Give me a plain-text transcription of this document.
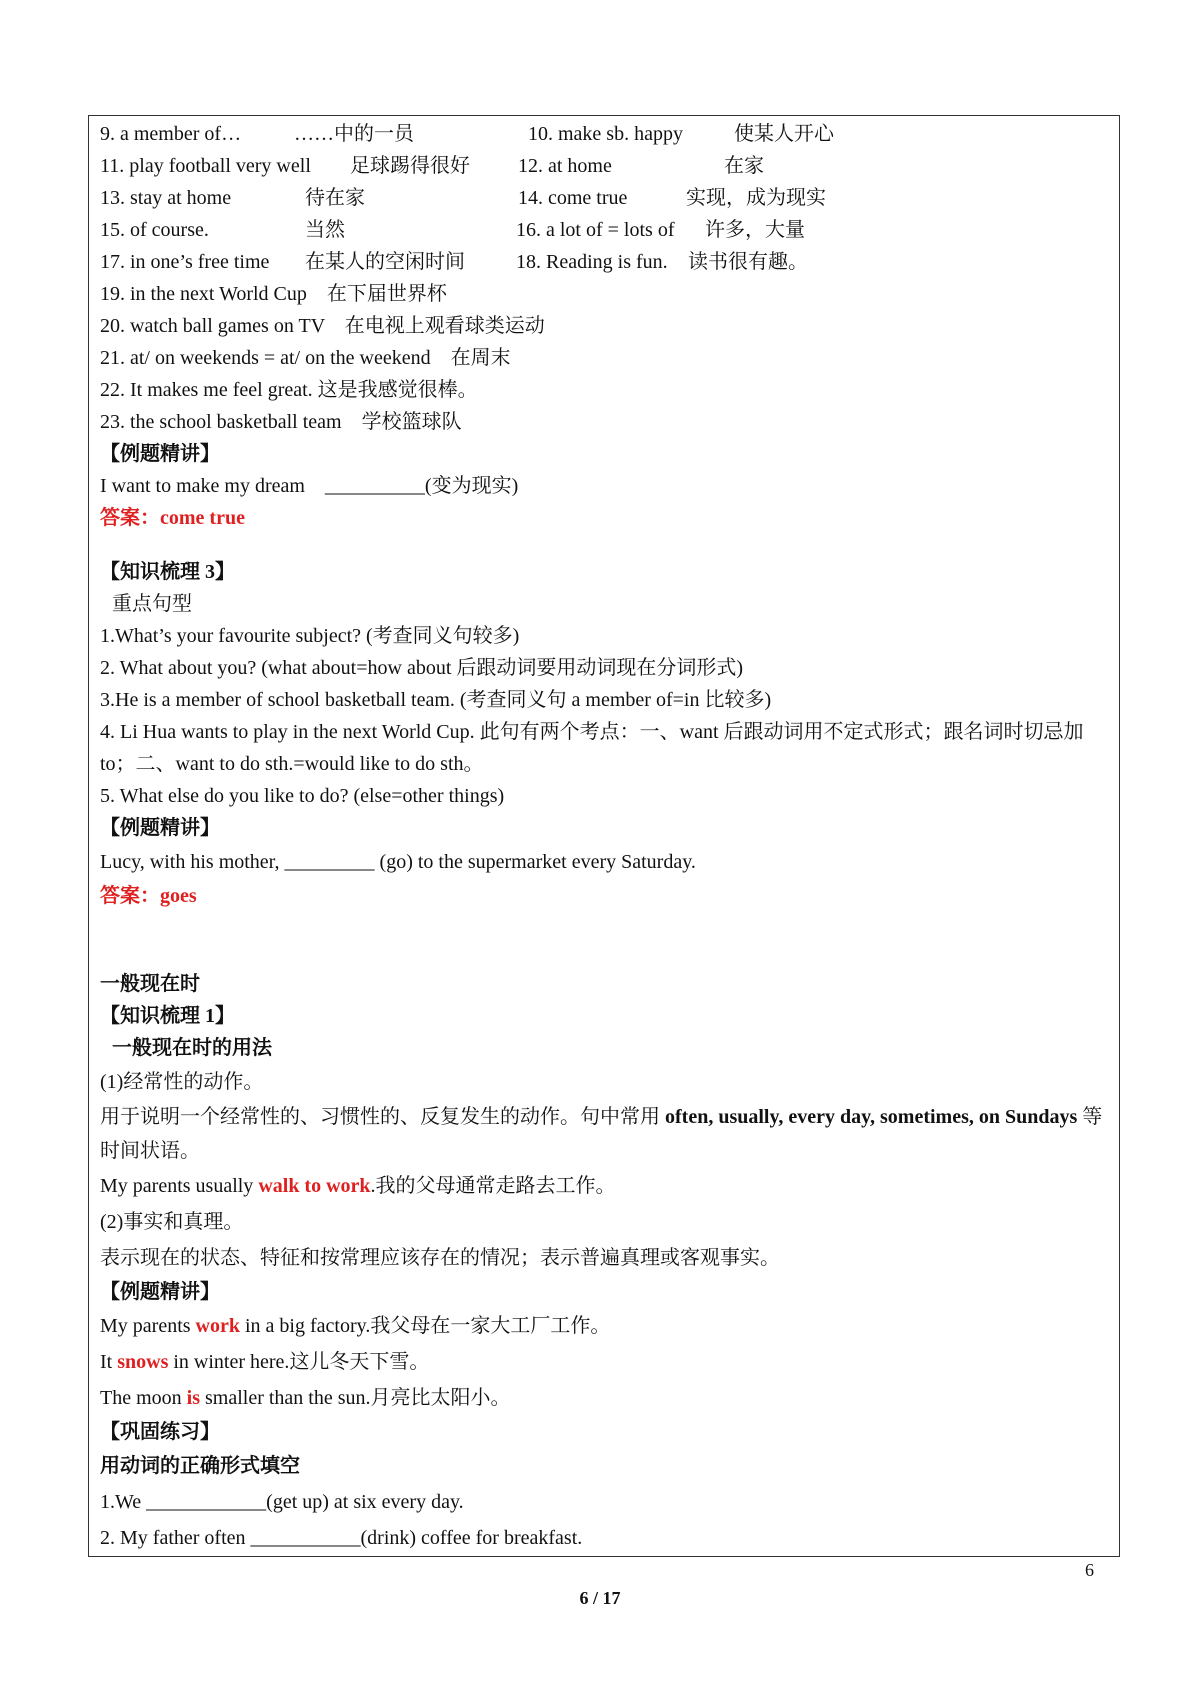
9. a member of…	……中的一员	10. make sb. happy	使某人开心
11. play football very well 足球踢得很好 12. at home	在家
13. stay at home	待在家	14. come true	实现，成为现实
15. of course.	当然	16. a lot of = lots of 许多，大量
17. in one’s free time 在某人的空闲时间	18. Reading is fun. 读书很有趣。
19. in the next World Cup　在下届世界杯
20. watch ball games on TV　在电视上观看球类运动
21. at/ on weekends = at/ on the weekend　在周末
22. It makes me feel great. 这是我感觉很棒。
23. the school basketball team　学校篮球队
【例题精讲】
I want to make my dream　__________(变为现实)
答案：come true
【知识梳理 3】
重点句型
1.What’s your favourite subject? (考查同义句较多)
2. What about you? (what about=how about 后跟动词要用动词现在分词形式)
3.He is a member of school basketball team. (考查同义句 a member of=in 比较多)
4. Li Hua wants to play in the next World Cup. 此句有两个考点：一、want 后跟动词用不定式形式；跟名词时切忌加 to；二、want to do sth.=would like to do sth。
5. What else do you like to do? (else=other things)
【例题精讲】
Lucy, with his mother, _________ (go) to the supermarket every Saturday.
答案：goes
一般现在时
【知识梳理 1】
一般现在时的用法
(1)经常性的动作。
用于说明一个经常性的、习惯性的、反复发生的动作。句中常用 often, usually, every day, sometimes, on Sundays 等时间状语。
My parents usually walk to work.我的父母通常走路去工作。
(2)事实和真理。
表示现在的状态、特征和按常理应该存在的情况；表示普遍真理或客观事实。
【例题精讲】
My parents work in a big factory.我父母在一家大工厂工作。
It snows in winter here.这儿冬天下雪。
The moon is smaller than the sun.月亮比太阳小。
【巩固练习】
用动词的正确形式填空
1.We ____________(get up) at six every day.
2. My father often ___________(drink) coffee for breakfast.
6
6 / 17
